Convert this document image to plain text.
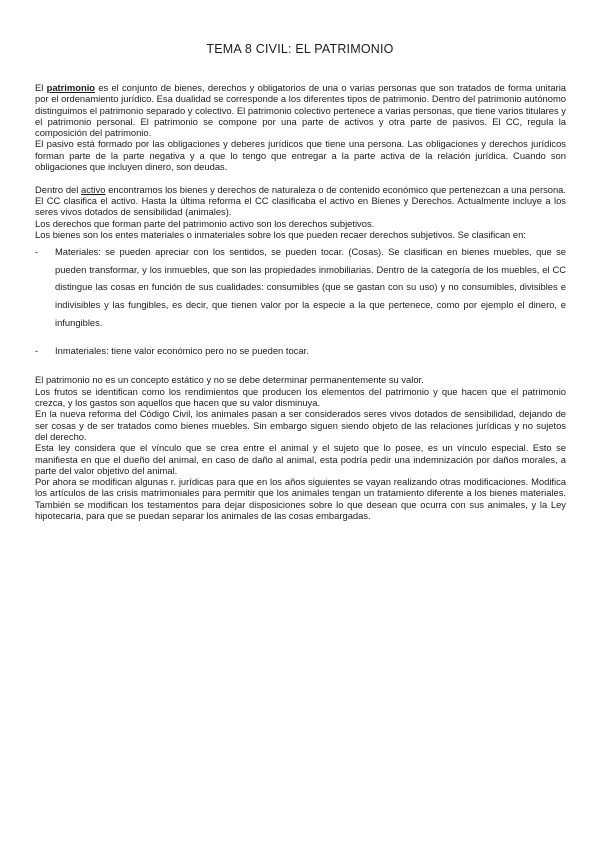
TEMA 8 CIVIL: EL PATRIMONIO

El patrimonio es el conjunto de bienes, derechos y obligatorios de una o varias personas que son tratados de forma unitaria por el ordenamiento jurídico. Esa dualidad se corresponde a los diferentes tipos de patrimonio. Dentro del patrimonio autónomo distinguimos el patrimonio separado y colectivo. El patrimonio colectivo pertenece a varias personas, que tiene varios titulares y el patrimonio personal. El patrimonio se compone por una parte de activos y otra parte de pasivos. El CC, regula la composición del patrimonio.

El pasivo está formado por las obligaciones y deberes jurídicos que tiene una persona. Las obligaciones y derechos jurídicos forman parte de la parte negativa y a que lo tengo que entregar a la parte activa de la relación jurídica. Cuando son obligaciones que incluyen dinero, son deudas.

Dentro del activo encontramos los bienes y derechos de naturaleza o de contenido económico que pertenezcan a una persona. El CC clasifica el activo. Hasta la última reforma el CC clasificaba el activo en Bienes y Derechos. Actualmente incluye a los seres vivos dotados de sensibilidad (animales).

Los derechos que forman parte del patrimonio activo son los derechos subjetivos.

Los bienes son los entes materiales o inmateriales sobre los que pueden recaer derechos subjetivos. Se clasifican en:

- Materiales: se pueden apreciar con los sentidos, se pueden tocar. (Cosas). Se clasifican en bienes muebles, que se pueden transformar, y los inmuebles, que son las propiedades inmobiliarias. Dentro de la categoría de los muebles, el CC distingue las cosas en función de sus cualidades: consumibles (que se gastan con su uso) y no consumibles, divisibles e indivisibles y las fungibles, es decir, que tienen valor por la especie a la que pertenece, como por ejemplo el dinero, e infungibles.

- Inmateriales: tiene valor económico pero no se pueden tocar.

El patrimonio no es un concepto estático y no se debe determinar permanentemente su valor.

Los frutos se identifican como los rendimientos que producen los elementos del patrimonio y que hacen que el patrimonio crezca, y los gastos son aquellos que hacen que su valor disminuya.

En la nueva reforma del Código Civil, los animales pasan a ser considerados seres vivos dotados de sensibilidad, dejando de ser cosas y de ser tratados como bienes muebles. Sin embargo siguen siendo objeto de las relaciones jurídicas y no sujetos del derecho.

Esta ley considera que el vínculo que se crea entre el animal y el sujeto que lo posee, es un vínculo especial. Esto se manifiesta en que el dueño del animal, en caso de daño al animal, esta podría pedir una indemnización por daños morales, a parte del valor objetivo del animal.

Por ahora se modifican algunas r. jurídicas para que en los años siguientes se vayan realizando otras modificaciones. Modifica los artículos de las crisis matrimoniales para permitir que los animales tengan un tratamiento diferente a los bienes materiales. También se modifican los testamentos para dejar disposiciones sobre lo que desean que ocurra con sus animales, y la Ley hipotecaria, para que se puedan separar los animales de las cosas embargadas.
